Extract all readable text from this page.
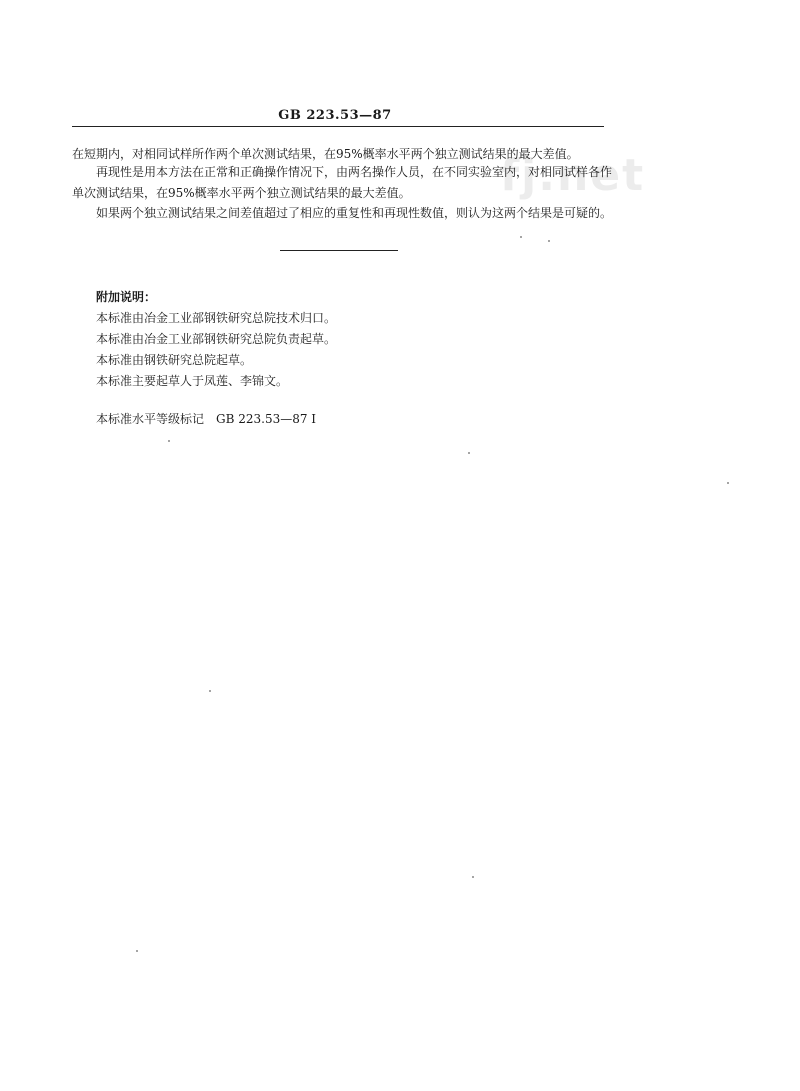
GB 223.53—87
fj.net
在短期内，对相同试样所作两个单次测试结果，在95%概率水平两个独立测试结果的最大差值。
再现性是用本方法在正常和正确操作情况下，由两名操作人员，在不同实验室内，对相同试样各作
单次测试结果，在95%概率水平两个独立测试结果的最大差值。
如果两个独立测试结果之间差值超过了相应的重复性和再现性数值，则认为这两个结果是可疑的。
附加说明：
本标准由冶金工业部钢铁研究总院技术归口。
本标准由冶金工业部钢铁研究总院负责起草。
本标准由钢铁研究总院起草。
本标准主要起草人于凤莲、李锦文。
本标准水平等级标记　GB 223.53—87 Ⅰ
